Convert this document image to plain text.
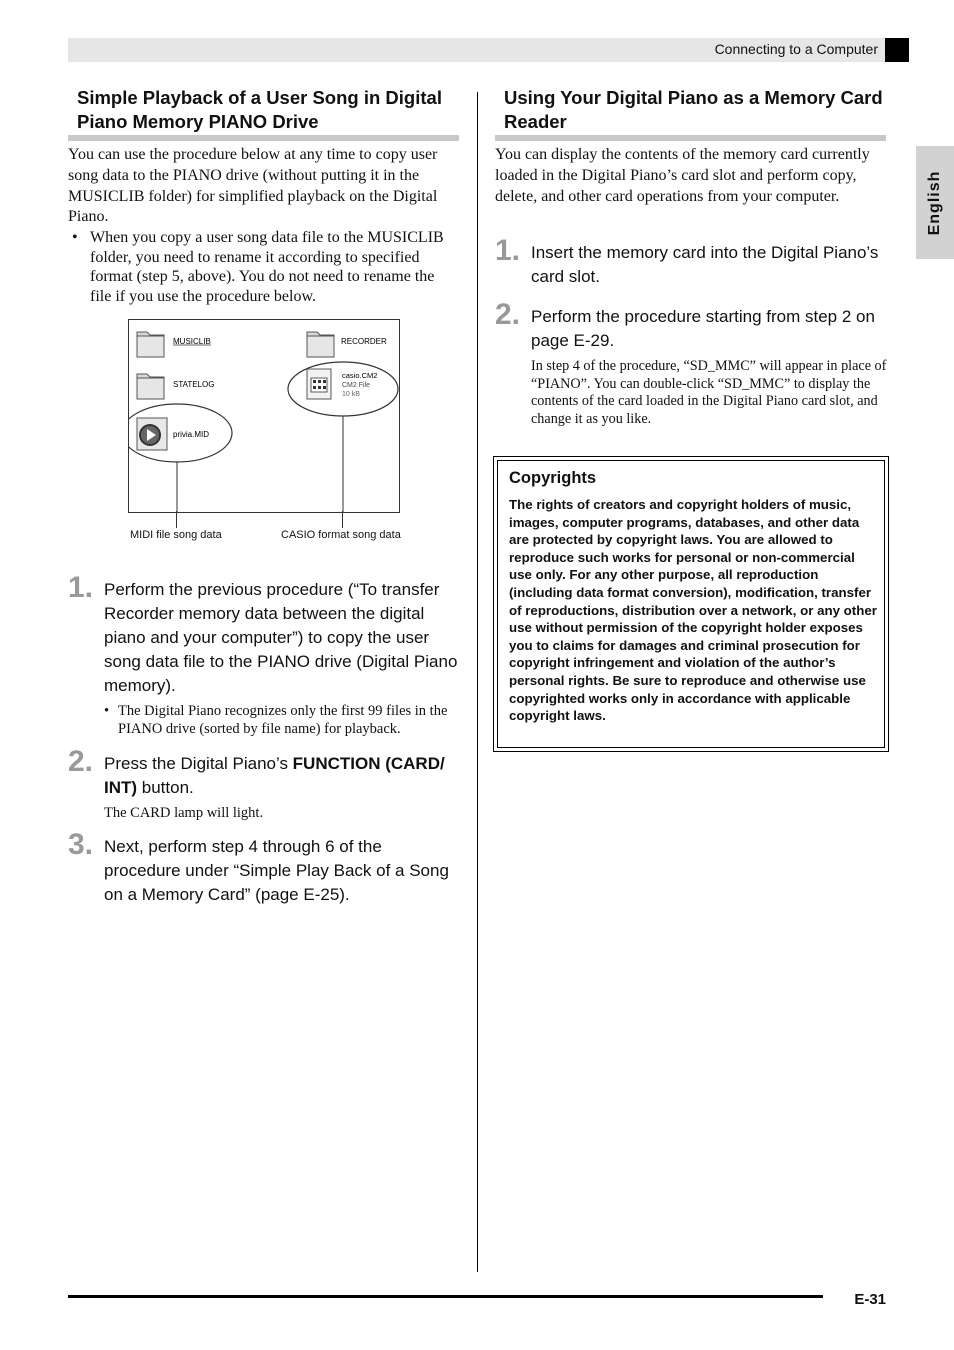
Connecting to a Computer
English
Simple Playback of a User Song in Digital Piano Memory PIANO Drive
You can use the procedure below at any time to copy user song data to the PIANO drive (without putting it in the MUSICLIB folder) for simplified playback on the Digital Piano.
• When you copy a user song data file to the MUSICLIB folder, you need to rename it according to specified format (step 5, above). You do not need to rename the file if you use the procedure below.
MUSICLIB	RECORDER
STATELOG
casio.CM2
CM2 File
10 kB
privia.MID
MIDI file song data	CASIO format song data
1. Perform the previous procedure (“To transfer Recorder memory data between the digital piano and your computer”) to copy the user song data file to the PIANO drive (Digital Piano memory).
• The Digital Piano recognizes only the first 99 files in the PIANO drive (sorted by file name) for playback.
2. Press the Digital Piano’s FUNCTION (CARD/ INT) button.
The CARD lamp will light.
3. Next, perform step 4 through 6 of the procedure under “Simple Play Back of a Song on a Memory Card” (page E-25).
Using Your Digital Piano as a Memory Card Reader
You can display the contents of the memory card currently loaded in the Digital Piano’s card slot and perform copy, delete, and other card operations from your computer.
1. Insert the memory card into the Digital Piano’s card slot.
2. Perform the procedure starting from step 2 on page E-29.
In step 4 of the procedure, “SD_MMC” will appear in place of “PIANO”. You can double-click “SD_MMC” to display the contents of the card loaded in the Digital Piano card slot, and change it as you like.
Copyrights
The rights of creators and copyright holders of music, images, computer programs, databases, and other data are protected by copyright laws. You are allowed to reproduce such works for personal or non-commercial use only. For any other purpose, all reproduction (including data format conversion), modification, transfer of reproductions, distribution over a network, or any other use without permission of the copyright holder exposes you to claims for damages and criminal prosecution for copyright infringement and violation of the author’s personal rights. Be sure to reproduce and otherwise use copyrighted works only in accordance with applicable copyright laws.
E-31
